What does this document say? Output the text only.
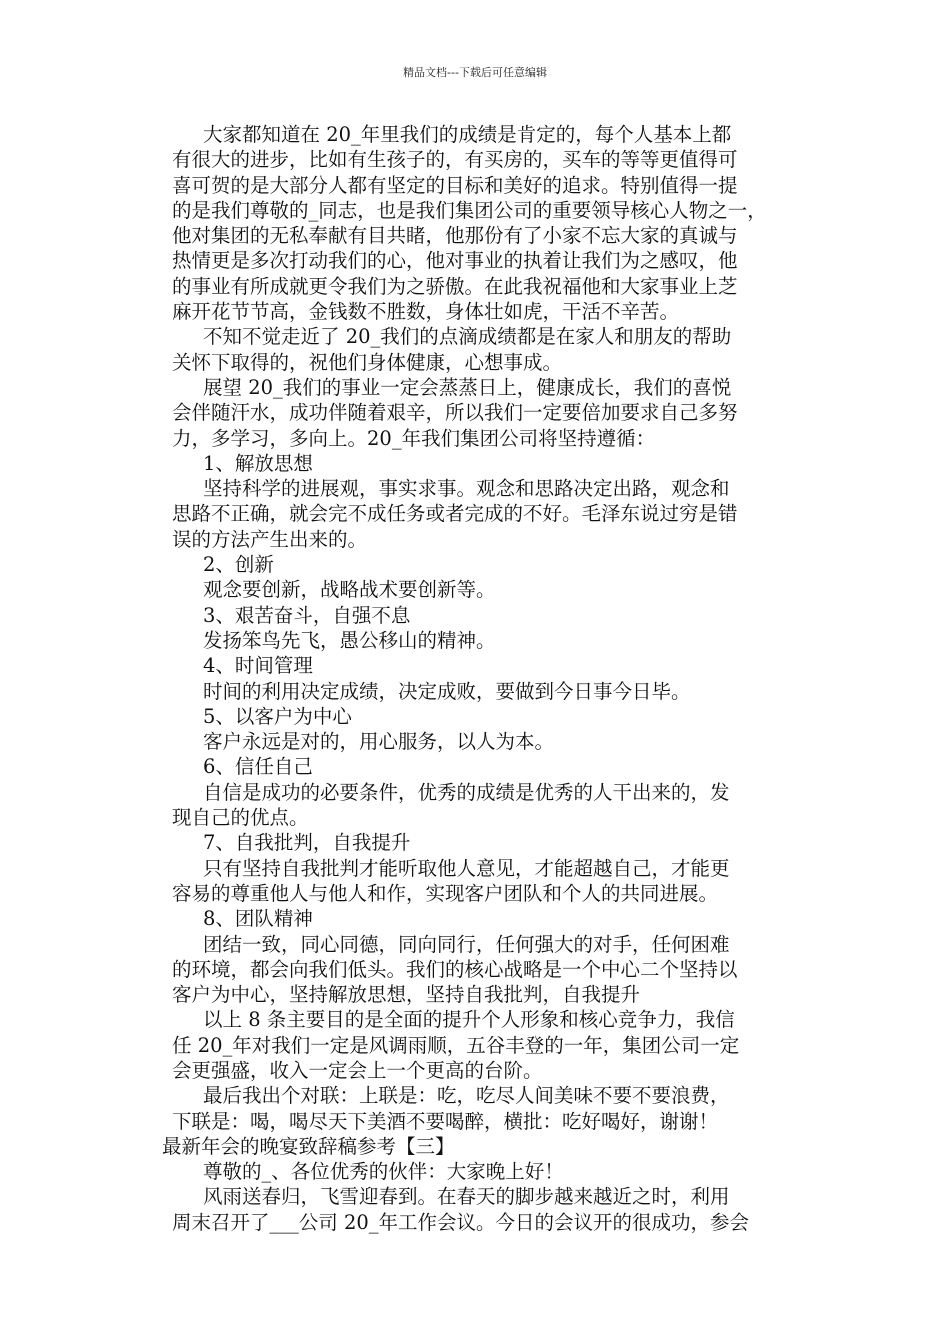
精品文档---下载后可任意编辑

大家都知道在 20_年里我们的成绩是肯定的，每个人基本上都

有很大的进步，比如有生孩子的，有买房的，买车的等等更值得可

喜可贺的是大部分人都有坚定的目标和美好的追求。特别值得一提

的是我们尊敬的_同志，也是我们集团公司的重要领导核心人物之一，

他对集团的无私奉献有目共睹，他那份有了小家不忘大家的真诚与

热情更是多次打动我们的心，他对事业的执着让我们为之感叹，他

的事业有所成就更令我们为之骄傲。在此我祝福他和大家事业上芝

麻开花节节高，金钱数不胜数，身体壮如虎，干活不辛苦。

不知不觉走近了 20_我们的点滴成绩都是在家人和朋友的帮助

关怀下取得的，祝他们身体健康，心想事成。

展望 20_我们的事业一定会蒸蒸日上，健康成长，我们的喜悦

会伴随汗水，成功伴随着艰辛，所以我们一定要倍加要求自己多努

力，多学习，多向上。20_年我们集团公司将坚持遵循：

1、解放思想

坚持科学的进展观，事实求事。观念和思路决定出路，观念和

思路不正确，就会完不成任务或者完成的不好。毛泽东说过穷是错

误的方法产生出来的。

2、创新

观念要创新，战略战术要创新等。

3、艰苦奋斗，自强不息

发扬笨鸟先飞，愚公移山的精神。

4、时间管理

时间的利用决定成绩，决定成败，要做到今日事今日毕。

5、以客户为中心

客户永远是对的，用心服务，以人为本。

6、信任自己

自信是成功的必要条件，优秀的成绩是优秀的人干出来的，发

现自己的优点。

7、自我批判，自我提升

只有坚持自我批判才能听取他人意见，才能超越自己，才能更

容易的尊重他人与他人和作，实现客户团队和个人的共同进展。

8、团队精神

团结一致，同心同德，同向同行，任何强大的对手，任何困难

的环境，都会向我们低头。我们的核心战略是一个中心二个坚持以

客户为中心，坚持解放思想，坚持自我批判，自我提升

以上 8 条主要目的是全面的提升个人形象和核心竞争力，我信

任 20_年对我们一定是风调雨顺，五谷丰登的一年，集团公司一定

会更强盛，收入一定会上一个更高的台阶。

最后我出个对联：上联是：吃，吃尽人间美味不要不要浪费，

下联是：喝，喝尽天下美酒不要喝醉，横批：吃好喝好，谢谢！

最新年会的晚宴致辞稿参考【三】

尊敬的_、各位优秀的伙伴：大家晚上好！

风雨送春归，飞雪迎春到。在春天的脚步越来越近之时，利用

周末召开了___公司 20_年工作会议。今日的会议开的很成功，参会
